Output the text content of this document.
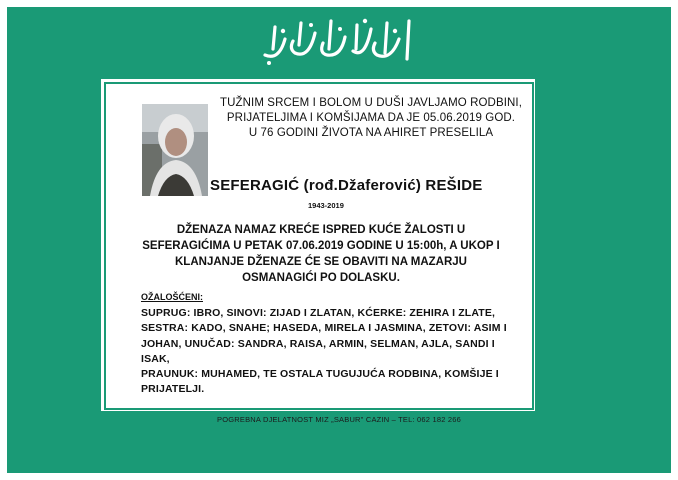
TUŽNIM SRCEM I BOLOM U DUŠI JAVLJAMO RODBINI,
PRIJATELJIMA I KOMŠIJAMA DA JE 05.06.2019 GOD.
U 76 GODINI ŽIVOTA NA AHIRET PRESELILA
SEFERAGIĆ (rođ.Džaferović) REŠIDE
1943-2019
DŽENAZA NAMAZ KREĆE ISPRED KUĆE ŽALOSTI U
SEFERAGIĆIMA U PETAK 07.06.2019 GODINE U 15:00h, A UKOP I
KLANJANJE DŽENAZE ĆE SE OBAVITI NA MAZARJU
OSMANAGIĆI PO DOLASKU.
OŽALOŠĆENI:
SUPRUG: IBRO, SINOVI: ZIJAD I ZLATAN, KĆERKE: ZEHIRA I ZLATE,
SESTRA: KADO, SNAHE; HASEDA, MIRELA I JASMINA, ZETOVI: ASIM I
JOHAN, UNUČAD: SANDRA, RAISA, ARMIN, SELMAN, AJLA, SANDI I ISAK,
PRAUNUK: MUHAMED, TE OSTALA TUGUJUĆA RODBINA, KOMŠIJE I
PRIJATELJI.
POGREBNA DJELATNOST MIZ „SABUR" CAZIN – TEL: 062 182 266
